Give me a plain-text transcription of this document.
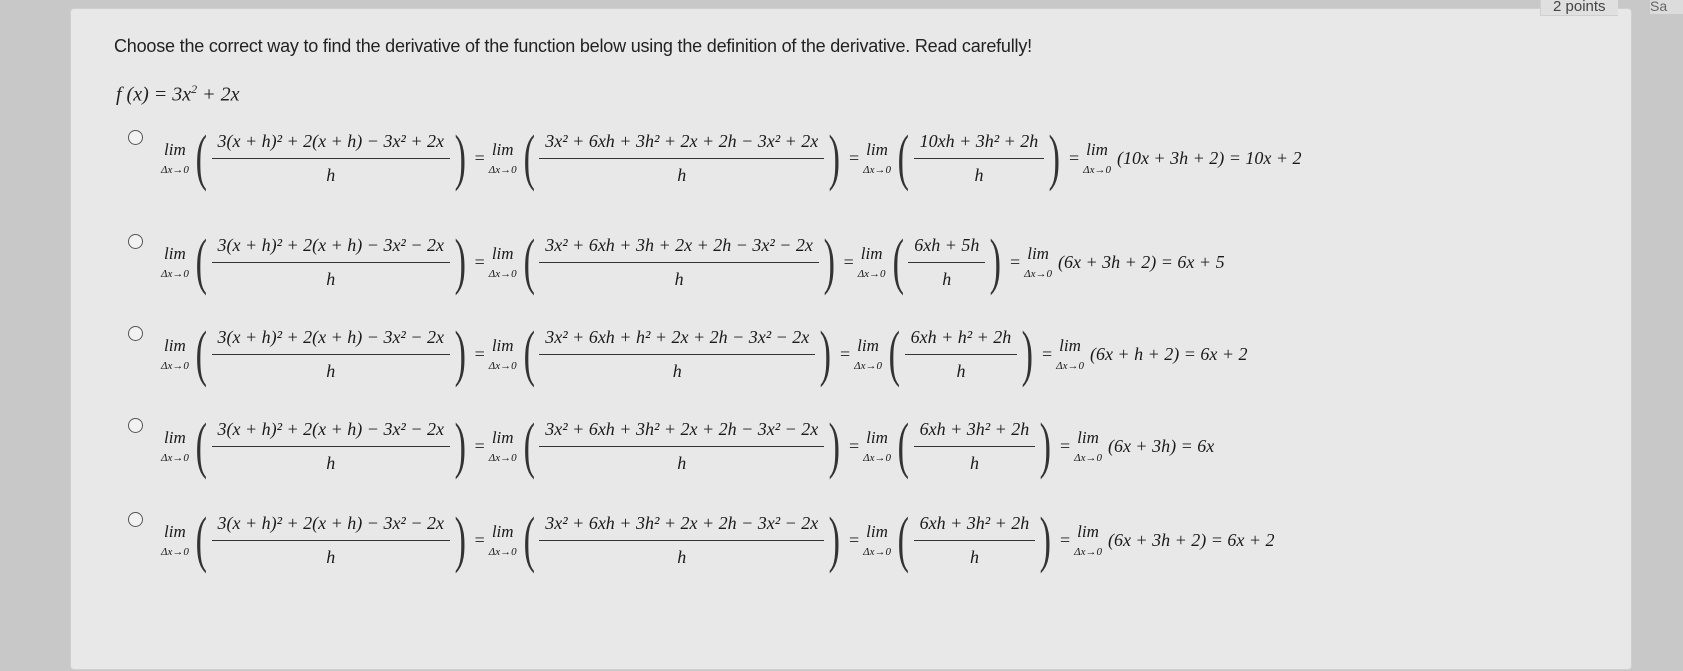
2 points	Sa
Choose the correct way to find the derivative of the function below using the definition of the derivative. Read carefully!
f $(x) = 3x^2 + 2x$
lim
Δx→0 ( $\frac{\text{3(x + h)² + 2(x + h) − 3x² + 2x}}{h}$ ) = lim
Δx→0 ( $\frac{\text{3x² + 6xh + 3h² + 2x + 2h − 3x² + 2x}}{h}$ ) = lim
Δx→0 ( $\frac{\text{10xh + 3h² + 2h}}{h}$ ) = lim
Δx→0
(10x + 3h + 2) = 10x + 2
lim
Δx→0 ( $\frac{\text{3(x + h)² + 2(x + h) − 3x² − 2x}}{h}$ ) = lim
Δx→0 ( $\frac{\text{3x² + 6xh + 3h + 2x + 2h − 3x² − 2x}}{h}$ ) = lim
Δx→0 ( $\frac{6xh + 5h}{h}$ ) = lim
Δx→0
(6x + 3h + 2) = 6x + 5
lim
Δx→0 ( $\frac{\text{3(x + h)² + 2(x + h) − 3x² − 2x}}{h}$ ) = lim
Δx→0 ( $\frac{\text{3x² + 6xh + h² + 2x + 2h − 3x² − 2x}}{h}$ ) = lim
Δx→0 ( $\frac{\text{6xh + h² + 2h}}{h}$ ) = lim
Δx→0
(6x + h + 2) = 6x + 2
lim
Δx→0 ( $\frac{\text{3(x + h)² + 2(x + h) − 3x² − 2x}}{h}$ ) = lim
Δx→0 ( $\frac{\text{3x² + 6xh + 3h² + 2x + 2h − 3x² − 2x}}{h}$ ) = lim
Δx→0 ( $\frac{\text{6xh + 3h² + 2h}}{h}$ ) = lim
Δx→0
(6x + 3h) = 6x
lim
Δx→0 ( $\frac{\text{3(x + h)² + 2(x + h) − 3x² − 2x}}{h}$ ) = lim
Δx→0 ( $\frac{\text{3x² + 6xh + 3h² + 2x + 2h − 3x² − 2x}}{h}$ ) = lim
Δx→0 ( $\frac{\text{6xh + 3h² + 2h}}{h}$ ) = lim
Δx→0
(6x + 3h + 2) = 6x + 2
